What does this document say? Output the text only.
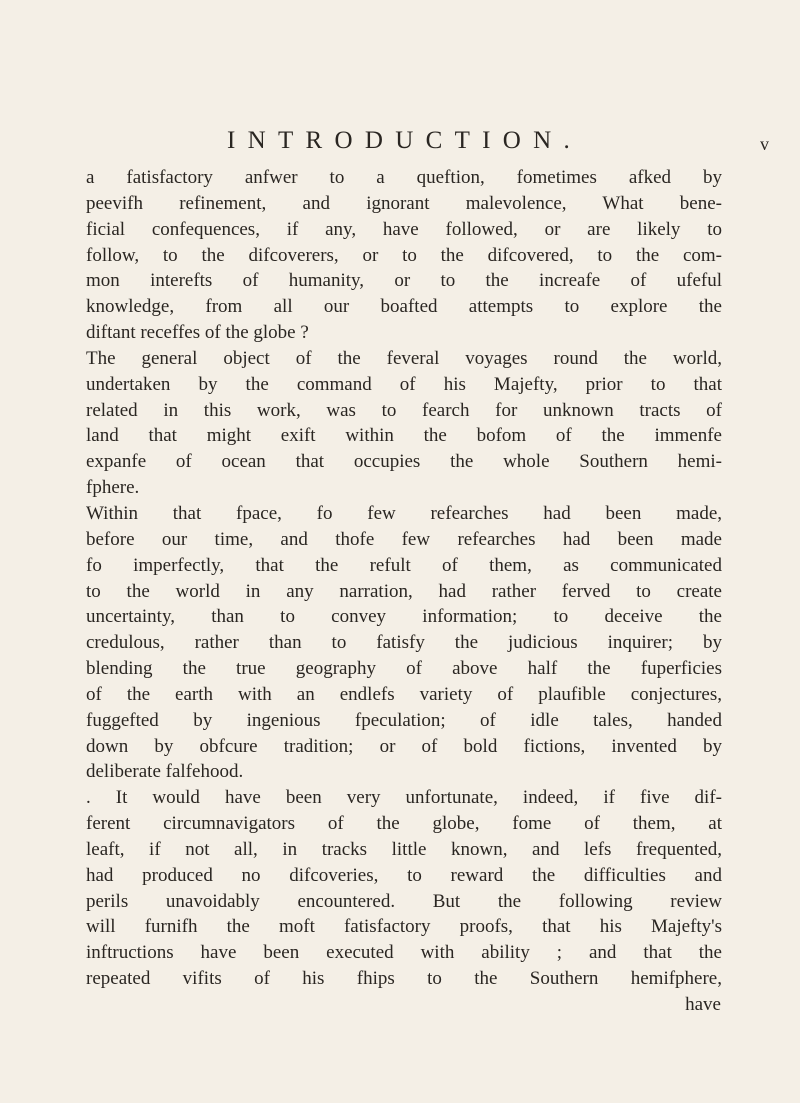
INTRODUCTION.	v
a fatisfactory anfwer to a queftion, fometimes afked by
peevifh refinement, and ignorant malevolence, What bene-
ficial confequences, if any, have followed, or are likely to
follow, to the difcoverers, or to the difcovered, to the com-
mon interefts of humanity, or to the increafe of ufeful
knowledge, from all our boafted attempts to explore the
diftant receffes of the globe ?
The general object of the feveral voyages round the world,
undertaken by the command of his Majefty, prior to that
related in this work, was to fearch for unknown tracts of
land that might exift within the bofom of the immenfe
expanfe of ocean that occupies the whole Southern hemi-
fphere.
Within that fpace, fo few refearches had been made,
before our time, and thofe few refearches had been made
fo imperfectly, that the refult of them, as communicated
to the world in any narration, had rather ferved to create
uncertainty, than to convey information; to deceive the
credulous, rather than to fatisfy the judicious inquirer; by
blending the true geography of above half the fuperficies
of the earth with an endlefs variety of plaufible conjectures,
fuggefted by ingenious fpeculation; of idle tales, handed
down by obfcure tradition; or of bold fictions, invented by
deliberate falfehood.
. It would have been very unfortunate, indeed, if five dif-
ferent circumnavigators of the globe, fome of them, at
leaft, if not all, in tracks little known, and lefs frequented,
had produced no difcoveries, to reward the difficulties and
perils unavoidably encountered. But the following review
will furnifh the moft fatisfactory proofs, that his Majefty's
inftructions have been executed with ability ; and that the
repeated vifits of his fhips to the Southern hemifphere,
have
